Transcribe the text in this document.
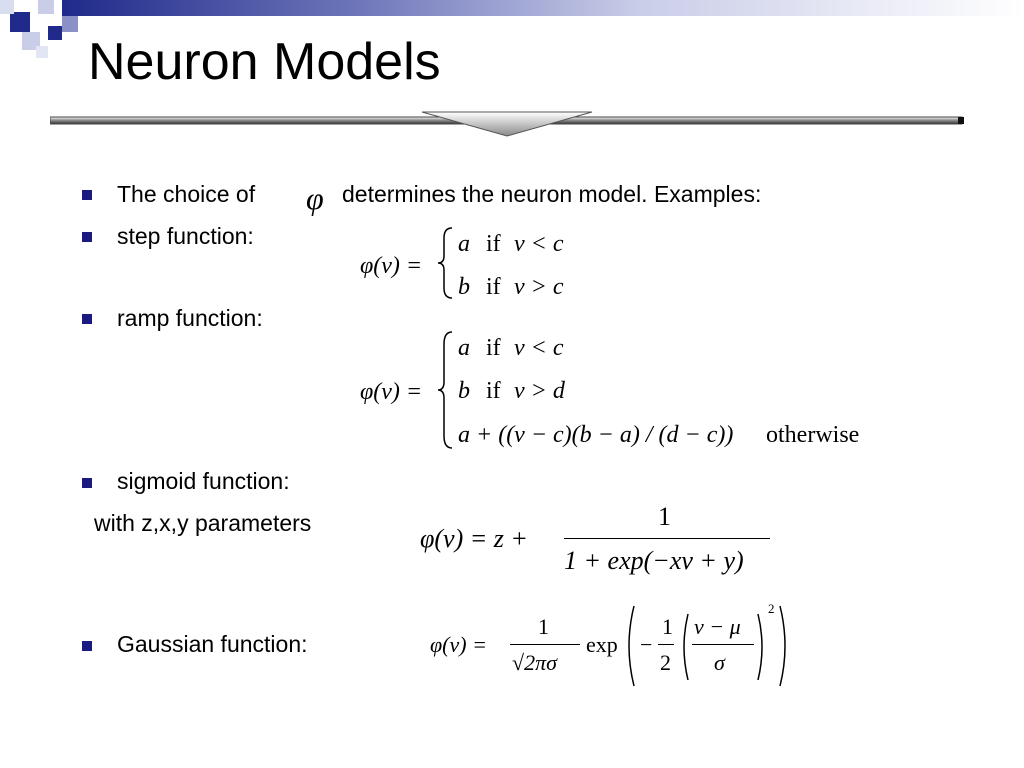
Neuron Models
The choice of φ determines the neuron model. Examples:
step function:
φ(v) =
a if v < c
b if v > c
ramp function:
φ(v) =
a if v < c
b if v > d
a + ((v − c)(b − a) / (d − c)) otherwise
sigmoid function:
with z,x,y parameters
φ(v) = z +
1
1 + exp(−xv + y)
Gaussian function:	φ(v) =
1
√2πσ
exp −
1
2
v − μ
σ
2
